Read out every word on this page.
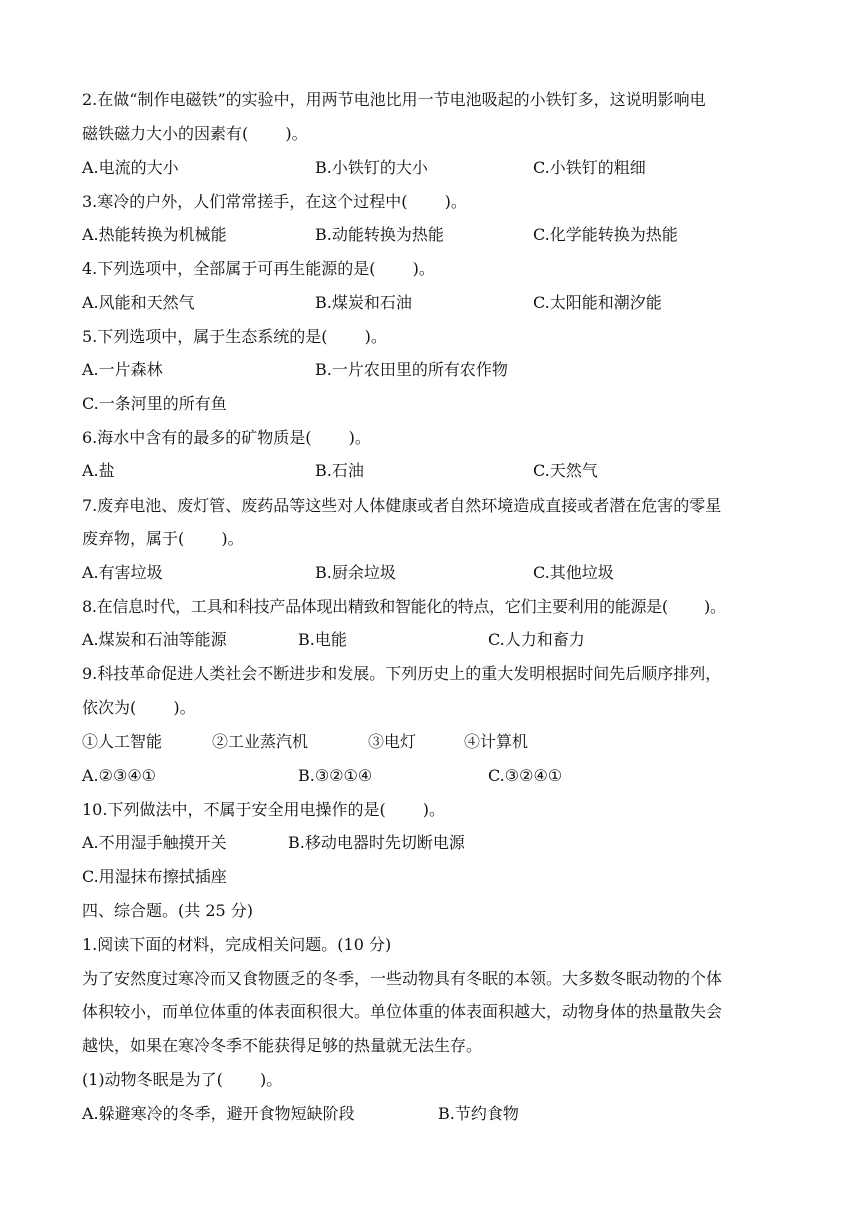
2.在做“制作电磁铁”的实验中，用两节电池比用一节电池吸起的小铁钉多，这说明影响电
磁铁磁力大小的因素有(　　 )。
A.电流的大小	B.小铁钉的大小	C.小铁钉的粗细
3.寒冷的户外，人们常常搓手，在这个过程中(　　 )。
A.热能转换为机械能	B.动能转换为热能	C.化学能转换为热能
4.下列选项中，全部属于可再生能源的是(　　 )。
A.风能和天然气	B.煤炭和石油	C.太阳能和潮汐能
5.下列选项中，属于生态系统的是(　　 )。
A.一片森林	B.一片农田里的所有农作物
C.一条河里的所有鱼
6.海水中含有的最多的矿物质是(　　 )。
A.盐	B.石油	C.天然气
7.废弃电池、废灯管、废药品等这些对人体健康或者自然环境造成直接或者潜在危害的零星
废弃物，属于(　　 )。
A.有害垃圾	B.厨余垃圾	C.其他垃圾
8.在信息时代，工具和科技产品体现出精致和智能化的特点，它们主要利用的能源是(　　 )。
A.煤炭和石油等能源	B.电能	C.人力和畜力
9.科技革命促进人类社会不断进步和发展。下列历史上的重大发明根据时间先后顺序排列，
依次为(　　 )。
①人工智能	②工业蒸汽机	③电灯	④计算机
A.②③④①	B.③②①④	C.③②④①
10.下列做法中，不属于安全用电操作的是(　　 )。
A.不用湿手触摸开关	B.移动电器时先切断电源
C.用湿抹布擦拭插座
四、综合题。(共 25 分)
1.阅读下面的材料，完成相关问题。(10 分)
为了安然度过寒冷而又食物匮乏的冬季，一些动物具有冬眠的本领。大多数冬眠动物的个体
体积较小，而单位体重的体表面积很大。单位体重的体表面积越大，动物身体的热量散失会
越快，如果在寒冷冬季不能获得足够的热量就无法生存。
(1)动物冬眠是为了(　　 )。
A.躲避寒冷的冬季，避开食物短缺阶段	B.节约食物
